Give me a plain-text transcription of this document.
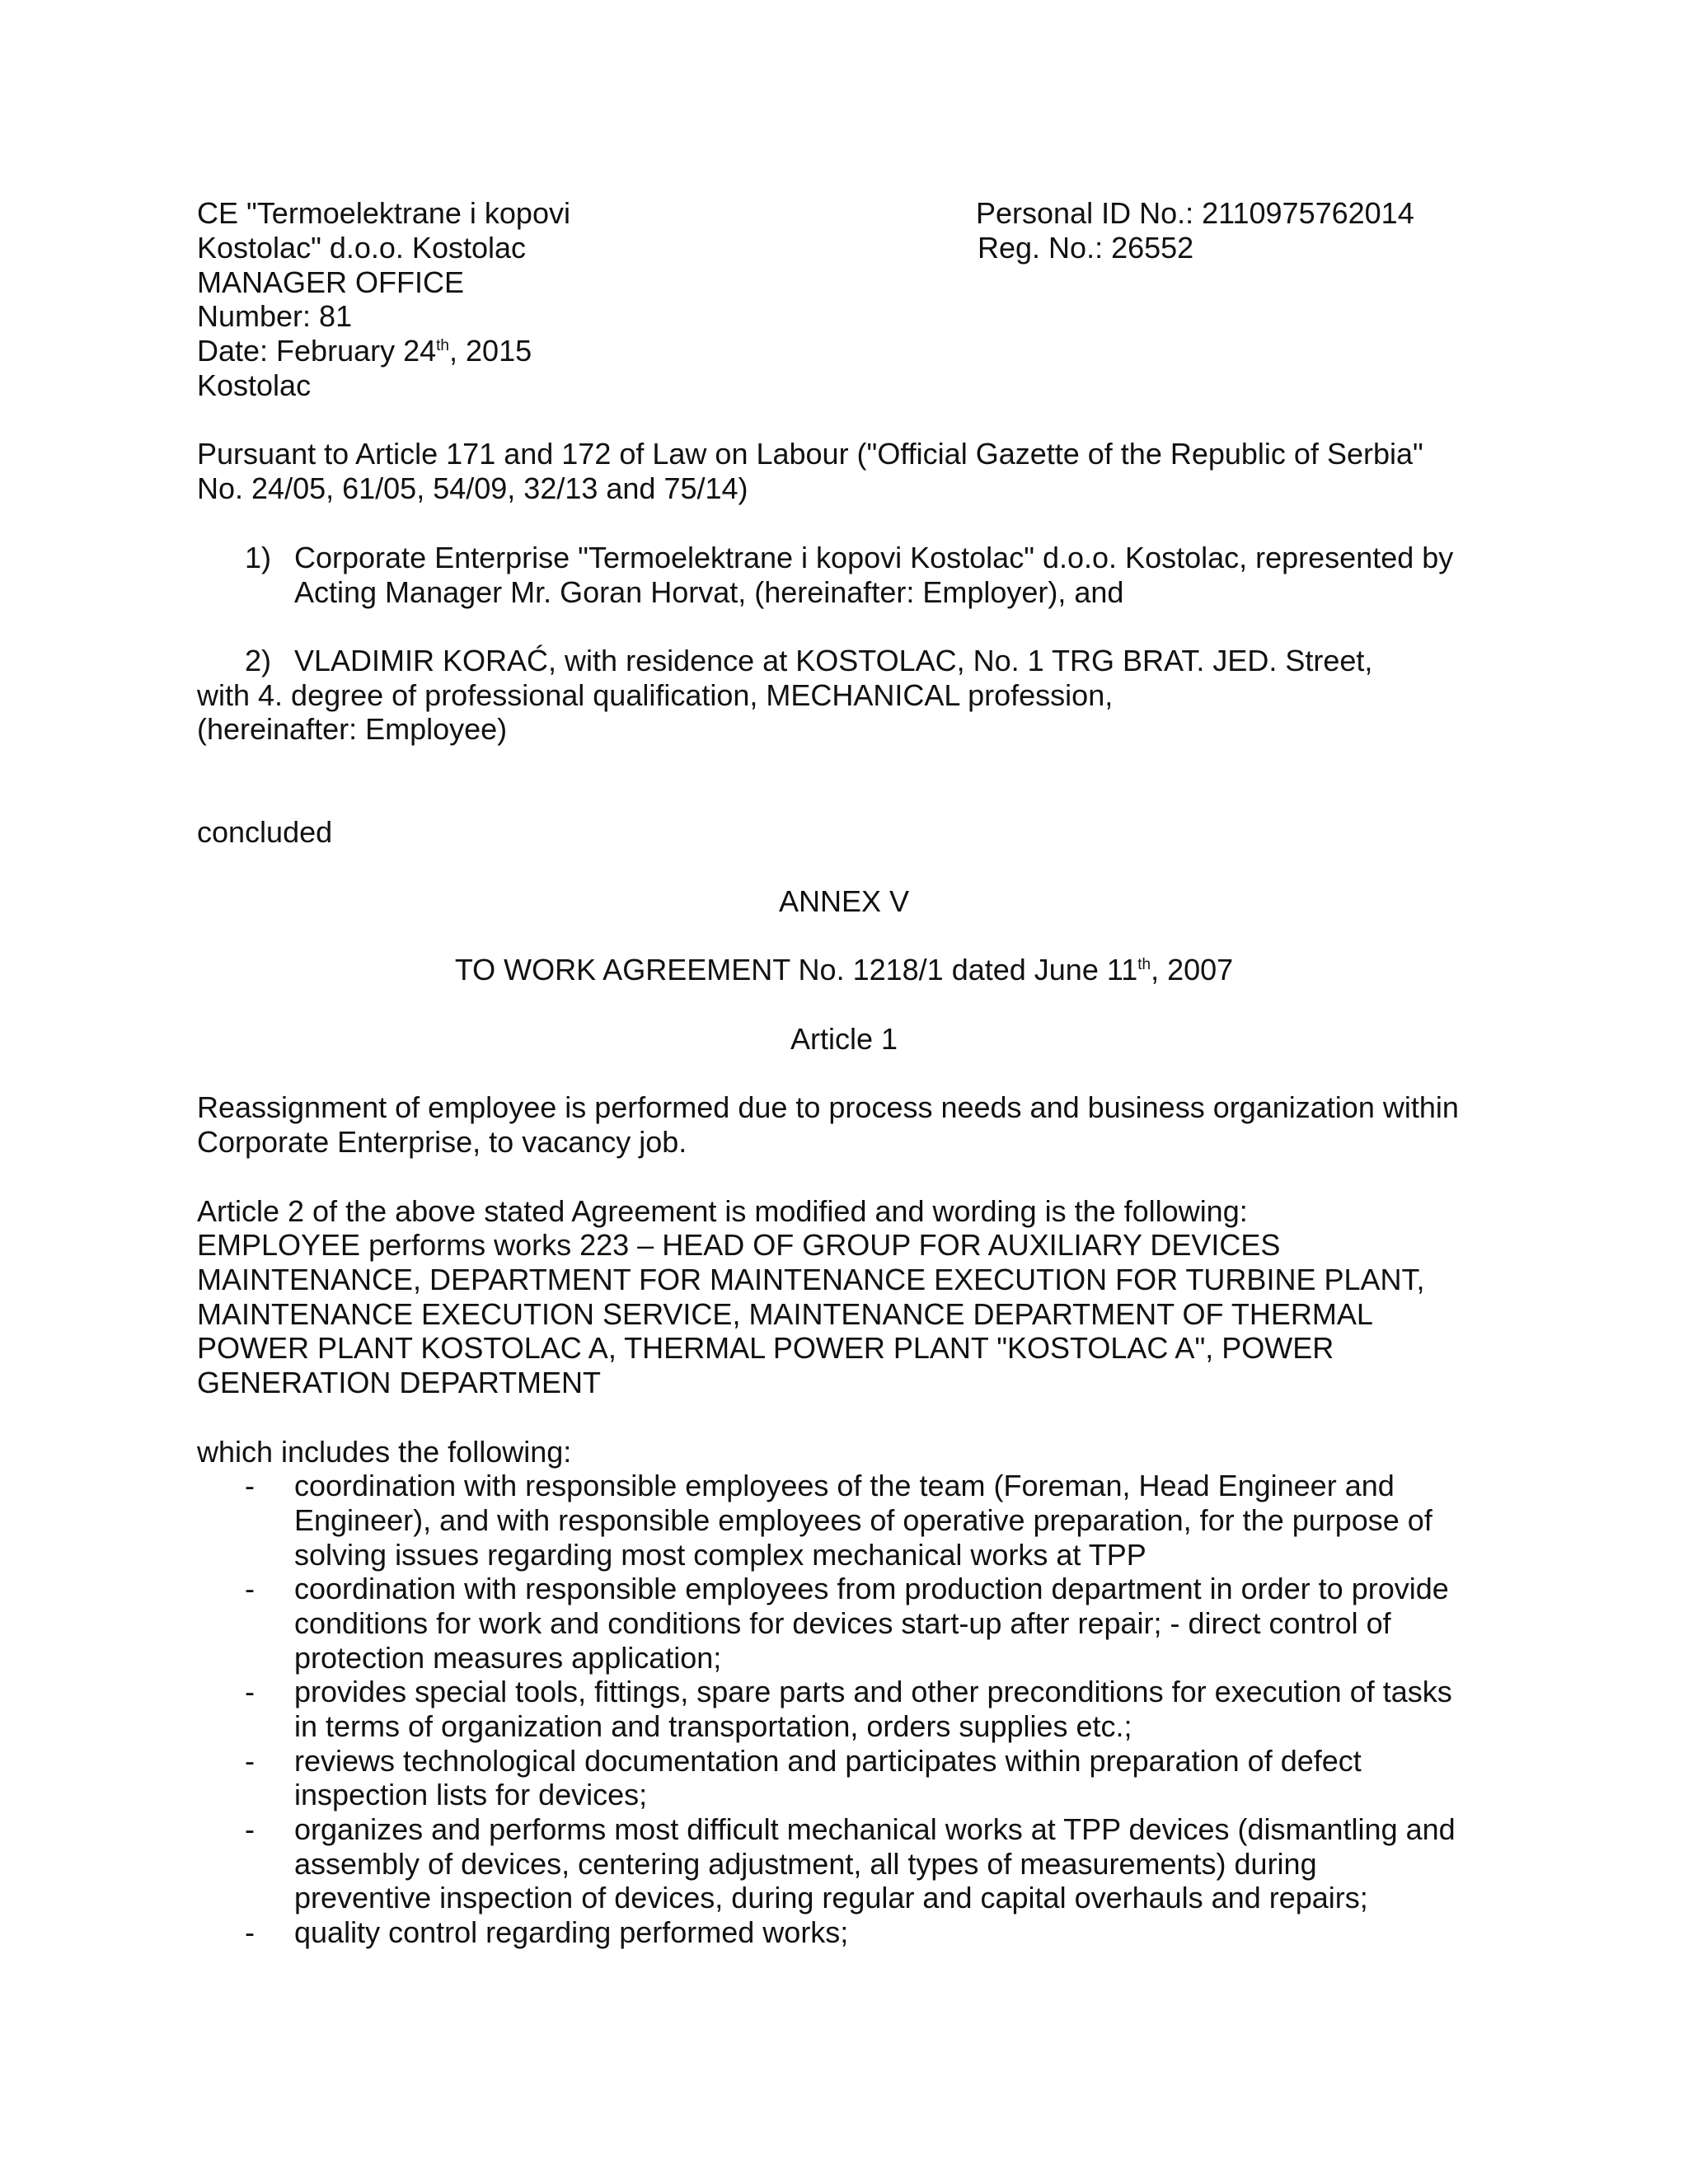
CE "Termoelektrane i kopovi
Kostolac" d.o.o. Kostolac
MANAGER OFFICE
Number: 81
Date: February 24th, 2015
Kostolac
Personal ID No.: 2110975762014
Reg. No.: 26552
Pursuant to Article 171 and 172 of Law on Labour ("Official Gazette of the Republic of Serbia"
No. 24/05, 61/05, 54/09, 32/13 and 75/14)
1) Corporate Enterprise "Termoelektrane i kopovi Kostolac" d.o.o. Kostolac, represented by
Acting Manager Mr. Goran Horvat, (hereinafter: Employer), and
2) VLADIMIR KORAĆ, with residence at KOSTOLAC, No. 1 TRG BRAT. JED. Street,
with 4. degree of professional qualification, MECHANICAL profession,
(hereinafter: Employee)
concluded
ANNEX V
TO WORK AGREEMENT No. 1218/1 dated June 11th, 2007
Article 1
Reassignment of employee is performed due to process needs and business organization within
Corporate Enterprise, to vacancy job.
Article 2 of the above stated Agreement is modified and wording is the following:
EMPLOYEE performs works 223 – HEAD OF GROUP FOR AUXILIARY DEVICES
MAINTENANCE, DEPARTMENT FOR MAINTENANCE EXECUTION FOR TURBINE PLANT,
MAINTENANCE EXECUTION SERVICE, MAINTENANCE DEPARTMENT OF THERMAL
POWER PLANT KOSTOLAC A, THERMAL POWER PLANT "KOSTOLAC A", POWER
GENERATION DEPARTMENT
which includes the following:
- coordination with responsible employees of the team (Foreman, Head Engineer and
Engineer), and with responsible employees of operative preparation, for the purpose of
solving issues regarding most complex mechanical works at TPP
- coordination with responsible employees from production department in order to provide
conditions for work and conditions for devices start-up after repair; - direct control of
protection measures application;
- provides special tools, fittings, spare parts and other preconditions for execution of tasks
in terms of organization and transportation, orders supplies etc.;
- reviews technological documentation and participates within preparation of defect
inspection lists for devices;
- organizes and performs most difficult mechanical works at TPP devices (dismantling and
assembly of devices, centering adjustment, all types of measurements) during
preventive inspection of devices, during regular and capital overhauls and repairs;
- quality control regarding performed works;
